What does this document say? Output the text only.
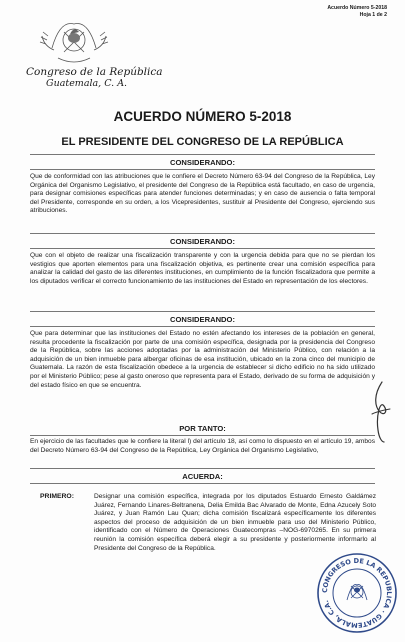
Acuerdo Número 5-2018
Hoja 1 de 2
Congreso de la República
Guatemala, C. A.
ACUERDO NÚMERO 5-2018
EL PRESIDENTE DEL CONGRESO DE LA REPÚBLICA
CONSIDERANDO:
Que de conformidad con las atribuciones que le confiere el Decreto Número 63-94 del Congreso de la República, Ley Orgánica del Organismo Legislativo, el presidente del Congreso de la República está facultado, en caso de urgencia, para designar comisiones específicas para atender funciones determinadas; y en caso de ausencia o falta temporal del Presidente, corresponde en su orden, a los Vicepresidentes, sustituir al Presidente del Congreso, ejerciendo sus atribuciones.
CONSIDERANDO:
Que con el objeto de realizar una fiscalización transparente y con la urgencia debida para que no se pierdan los vestigios que aporten elementos para una fiscalización objetiva, es pertinente crear una comisión específica para analizar la calidad del gasto de las diferentes instituciones, en cumplimiento de la función fiscalizadora que permite a los diputados verificar el correcto funcionamiento de las instituciones del Estado en representación de los electores.
CONSIDERANDO:
Que para determinar que las instituciones del Estado no estén afectando los intereses de la población en general, resulta procedente la fiscalización por parte de una comisión específica, designada por la presidencia del Congreso de la República, sobre las acciones adoptadas por la administración del Ministerio Público, con relación a la adquisición de un bien inmueble para albergar oficinas de esa institución, ubicado en la zona cinco del municipio de Guatemala. La razón de esta fiscalización obedece a la urgencia de establecer si dicho edificio no ha sido utilizado por el Ministerio Público; pese al gasto oneroso que representa para el Estado, derivado de su forma de adquisición y del estado físico en que se encuentra.
POR TANTO:
En ejercicio de las facultades que le confiere la literal l) del artículo 18, así como lo dispuesto en el artículo 19, ambos del Decreto Número 63-94 del Congreso de la República, Ley Orgánica del Organismo Legislativo,
ACUERDA:
PRIMERO:	Designar una comisión específica, integrada por los diputados Estuardo Ernesto Galdámez Juárez, Fernando Linares-Beltranena, Delia Emilda Bac Alvarado de Monte, Edna Azucely Soto Juárez, y Juan Ramón Lau Quan; dicha comisión fiscalizará específicamente los diferentes aspectos del proceso de adquisición de un bien inmueble para uso del Ministerio Público, identificado con el Número de Operaciones Guatecompras –NOG-6970265. En su primera reunión la comisión específica deberá elegir a su presidente y posteriormente informarlo al Presidente del Congreso de la República.
CONGRESO DE LA REPUBLICA · GUATEMALA, C.A.
